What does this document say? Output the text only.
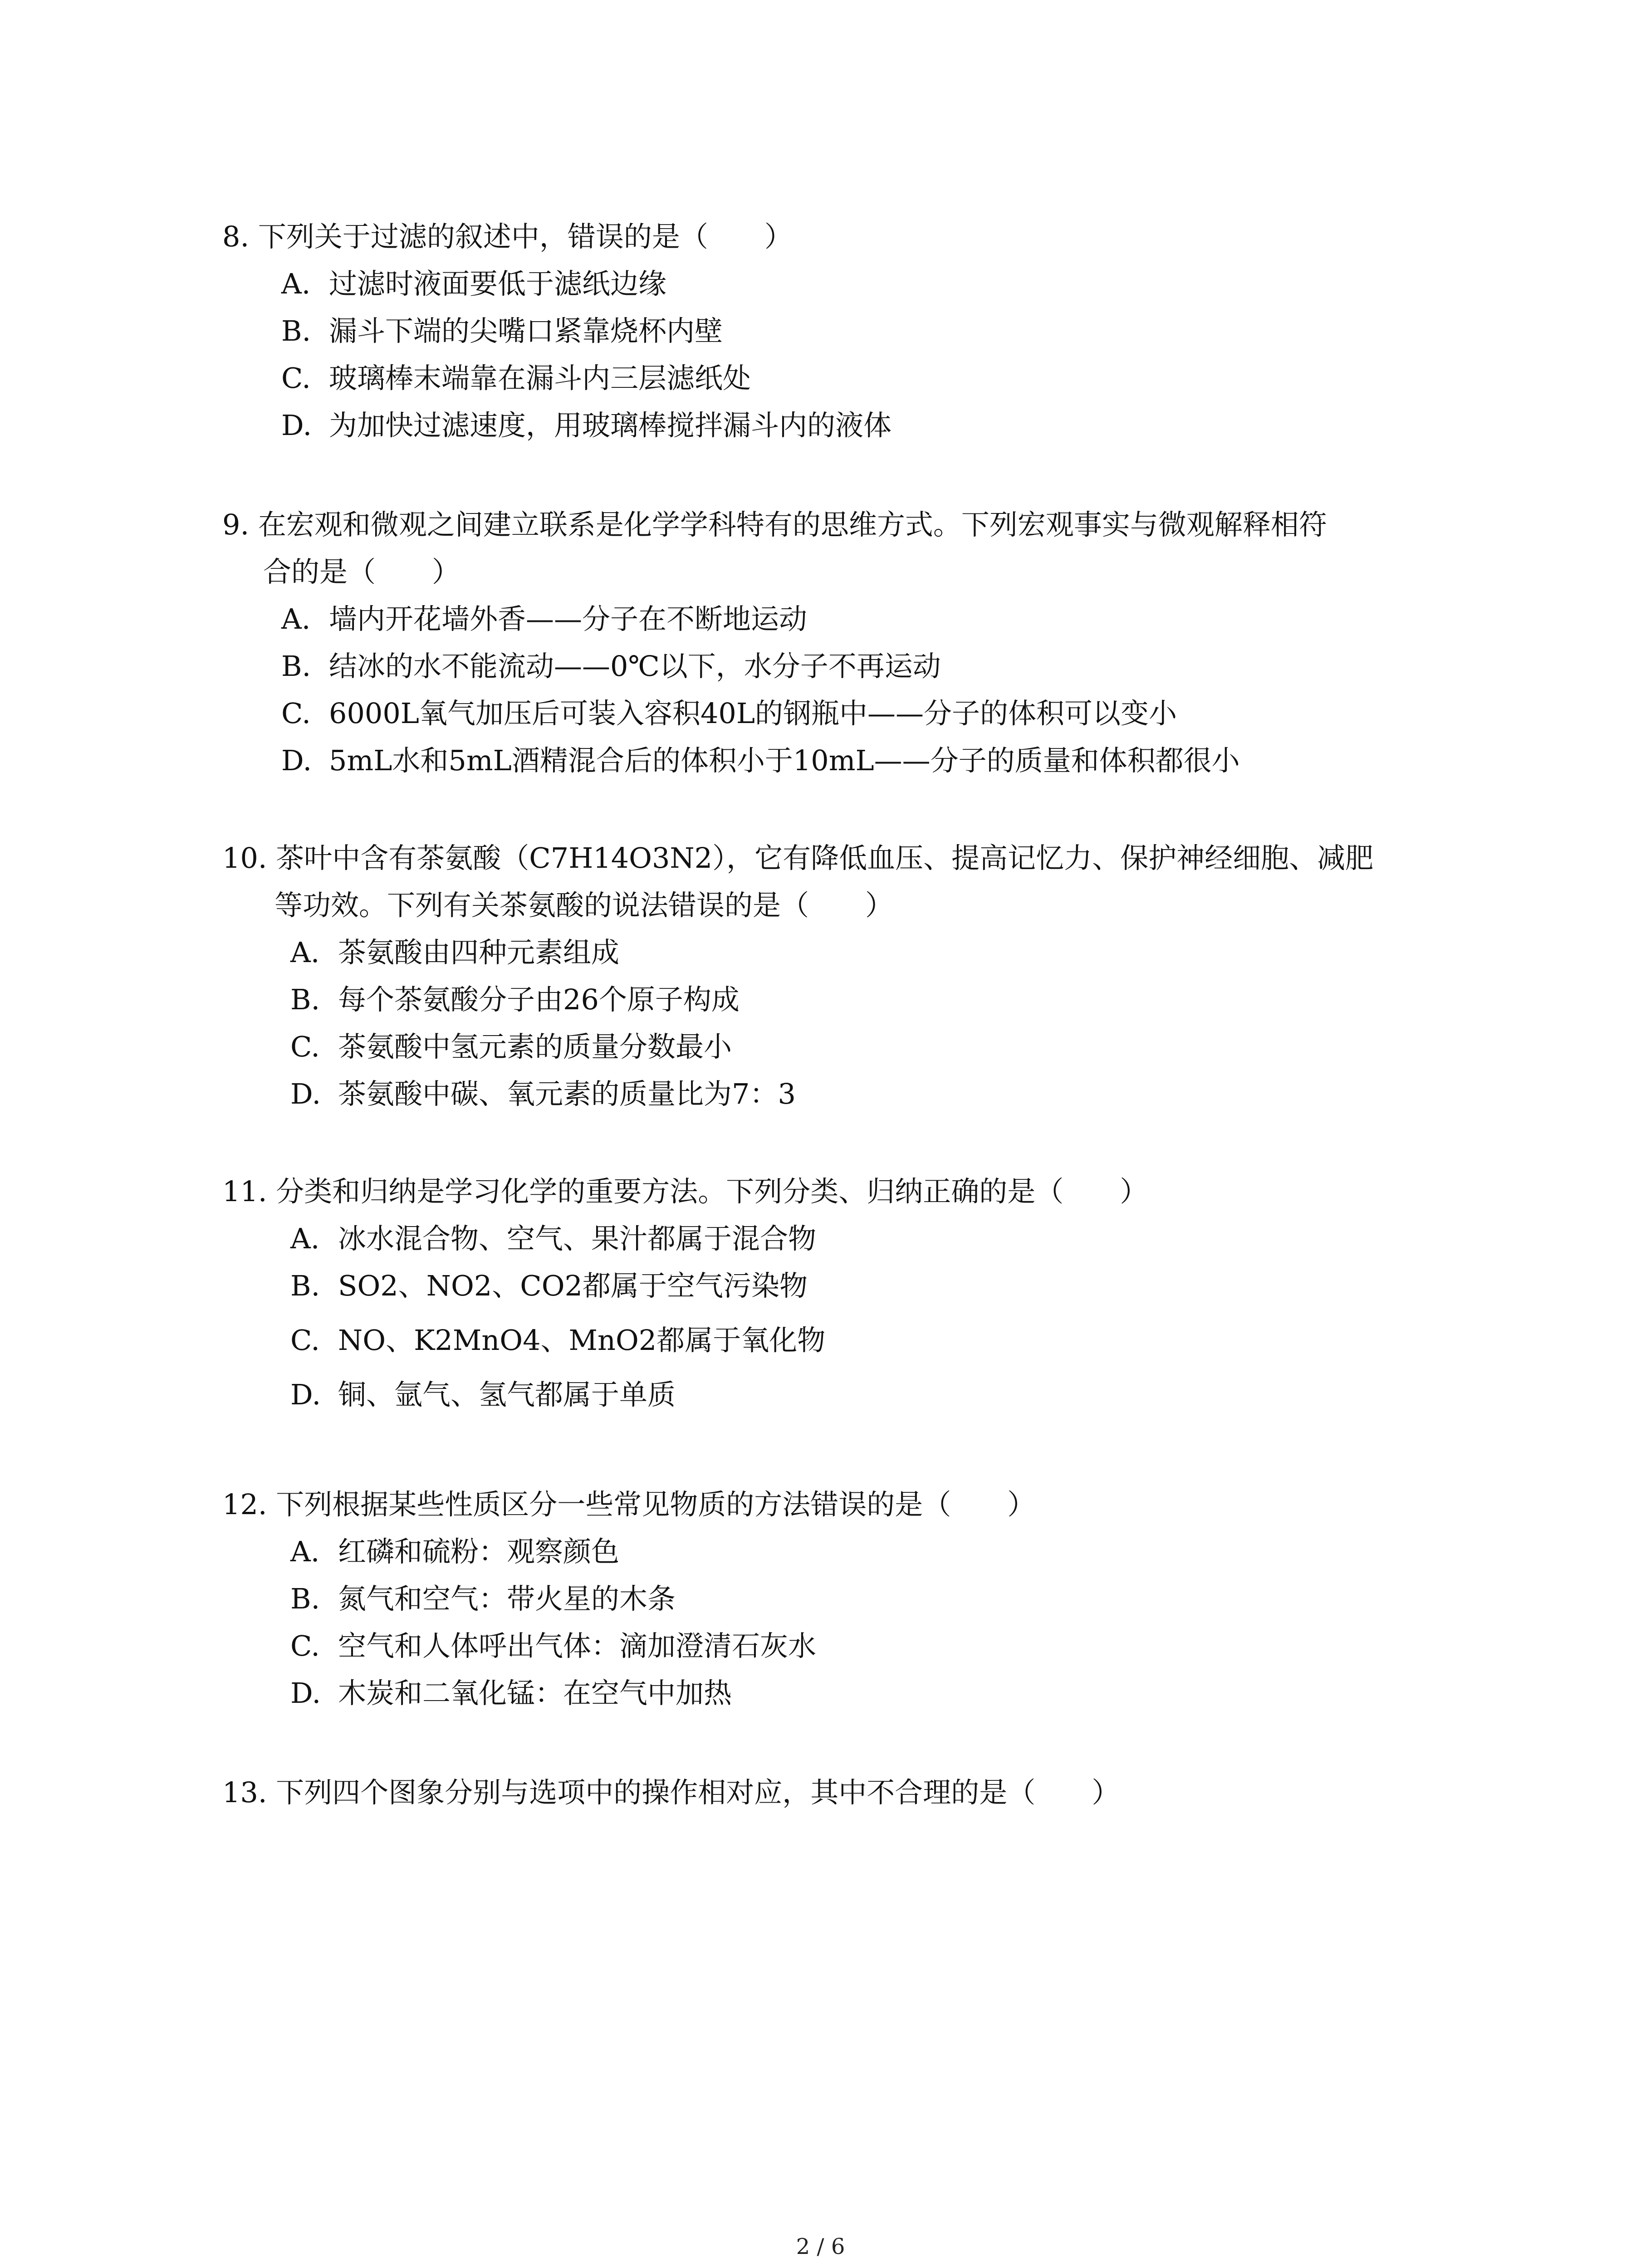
8. 下列关于过滤的叙述中，错误的是（　　）
A. 过滤时液面要低于滤纸边缘
B. 漏斗下端的尖嘴口紧靠烧杯内壁
C. 玻璃棒末端靠在漏斗内三层滤纸处
D. 为加快过滤速度，用玻璃棒搅拌漏斗内的液体
9. 在宏观和微观之间建立联系是化学学科特有的思维方式。下列宏观事实与微观解释相符
合的是（　　）
A. 墙内开花墙外香——分子在不断地运动
B. 结冰的水不能流动——0℃以下，水分子不再运动
C. 6000L氧气加压后可装入容积40L的钢瓶中——分子的体积可以变小
D. 5mL水和5mL酒精混合后的体积小于10mL——分子的质量和体积都很小
10. 茶叶中含有茶氨酸（C7H14O3N2），它有降低血压、提高记忆力、保护神经细胞、减肥
等功效。下列有关茶氨酸的说法错误的是（　　）
A. 茶氨酸由四种元素组成
B. 每个茶氨酸分子由26个原子构成
C. 茶氨酸中氢元素的质量分数最小
D. 茶氨酸中碳、氧元素的质量比为7：3
11. 分类和归纳是学习化学的重要方法。下列分类、归纳正确的是（　　）
A. 冰水混合物、空气、果汁都属于混合物
B. SO2、NO2、CO2都属于空气污染物
C. NO、K2MnO4、MnO2都属于氧化物
D. 铜、氩气、氢气都属于单质
12. 下列根据某些性质区分一些常见物质的方法错误的是（　　）
A. 红磷和硫粉：观察颜色
B. 氮气和空气：带火星的木条
C. 空气和人体呼出气体：滴加澄清石灰水
D. 木炭和二氧化锰：在空气中加热
13. 下列四个图象分别与选项中的操作相对应，其中不合理的是（　　）
2 / 6
